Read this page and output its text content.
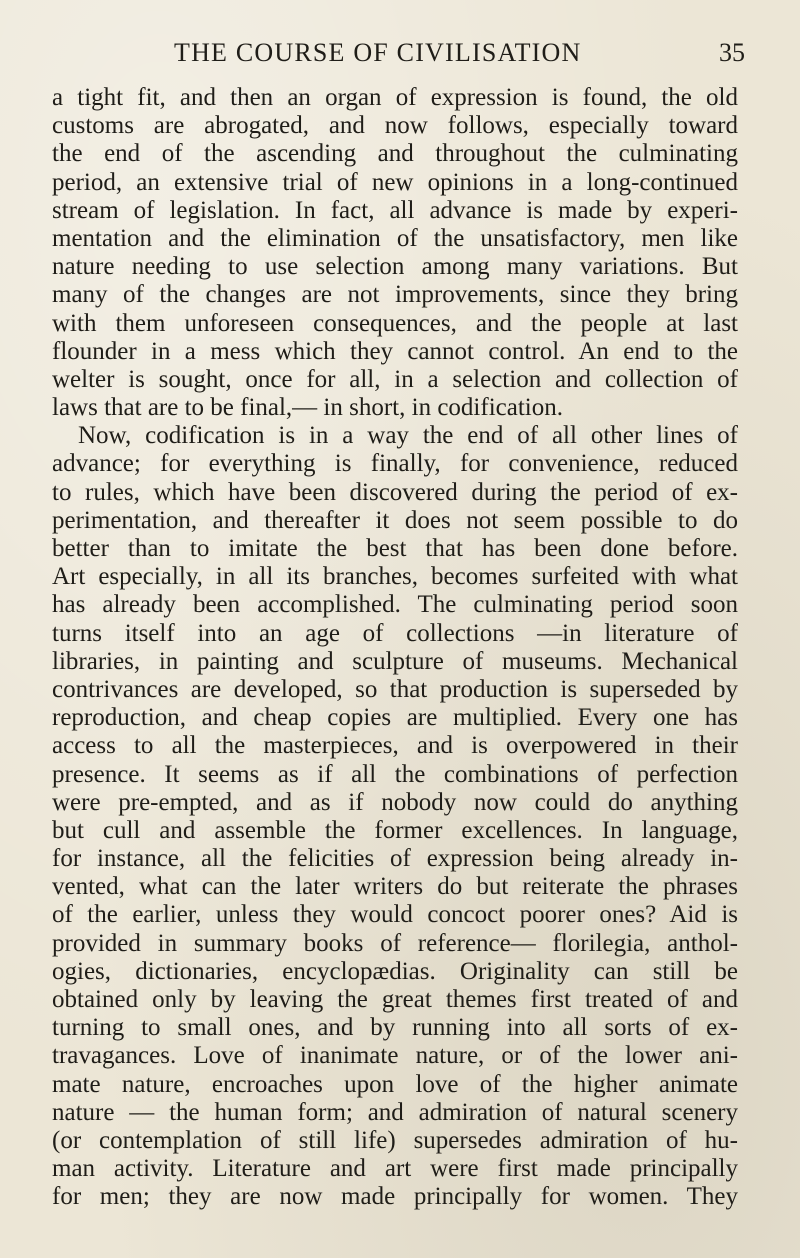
THE COURSE OF CIVILISATION	35
a tight fit, and then an organ of expression is found, the old
customs are abrogated, and now follows, especially toward
the end of the ascending and throughout the culminating
period, an extensive trial of new opinions in a long-continued
stream of legislation. In fact, all advance is made by experi-
mentation and the elimination of the unsatisfactory, men like
nature needing to use selection among many variations. But
many of the changes are not improvements, since they bring
with them unforeseen consequences, and the people at last
flounder in a mess which they cannot control. An end to the
welter is sought, once for all, in a selection and collection of
laws that are to be final,— in short, in codification.
Now, codification is in a way the end of all other lines of
advance; for everything is finally, for convenience, reduced
to rules, which have been discovered during the period of ex-
perimentation, and thereafter it does not seem possible to do
better than to imitate the best that has been done before.
Art especially, in all its branches, becomes surfeited with what
has already been accomplished. The culminating period soon
turns itself into an age of collections —in literature of
libraries, in painting and sculpture of museums. Mechanical
contrivances are developed, so that production is superseded by
reproduction, and cheap copies are multiplied. Every one has
access to all the masterpieces, and is overpowered in their
presence. It seems as if all the combinations of perfection
were pre-empted, and as if nobody now could do anything
but cull and assemble the former excellences. In language,
for instance, all the felicities of expression being already in-
vented, what can the later writers do but reiterate the phrases
of the earlier, unless they would concoct poorer ones? Aid is
provided in summary books of reference— florilegia, anthol-
ogies, dictionaries, encyclopædias. Originality can still be
obtained only by leaving the great themes first treated of and
turning to small ones, and by running into all sorts of ex-
travagances. Love of inanimate nature, or of the lower ani-
mate nature, encroaches upon love of the higher animate
nature — the human form; and admiration of natural scenery
(or contemplation of still life) supersedes admiration of hu-
man activity. Literature and art were first made principally
for men; they are now made principally for women. They
